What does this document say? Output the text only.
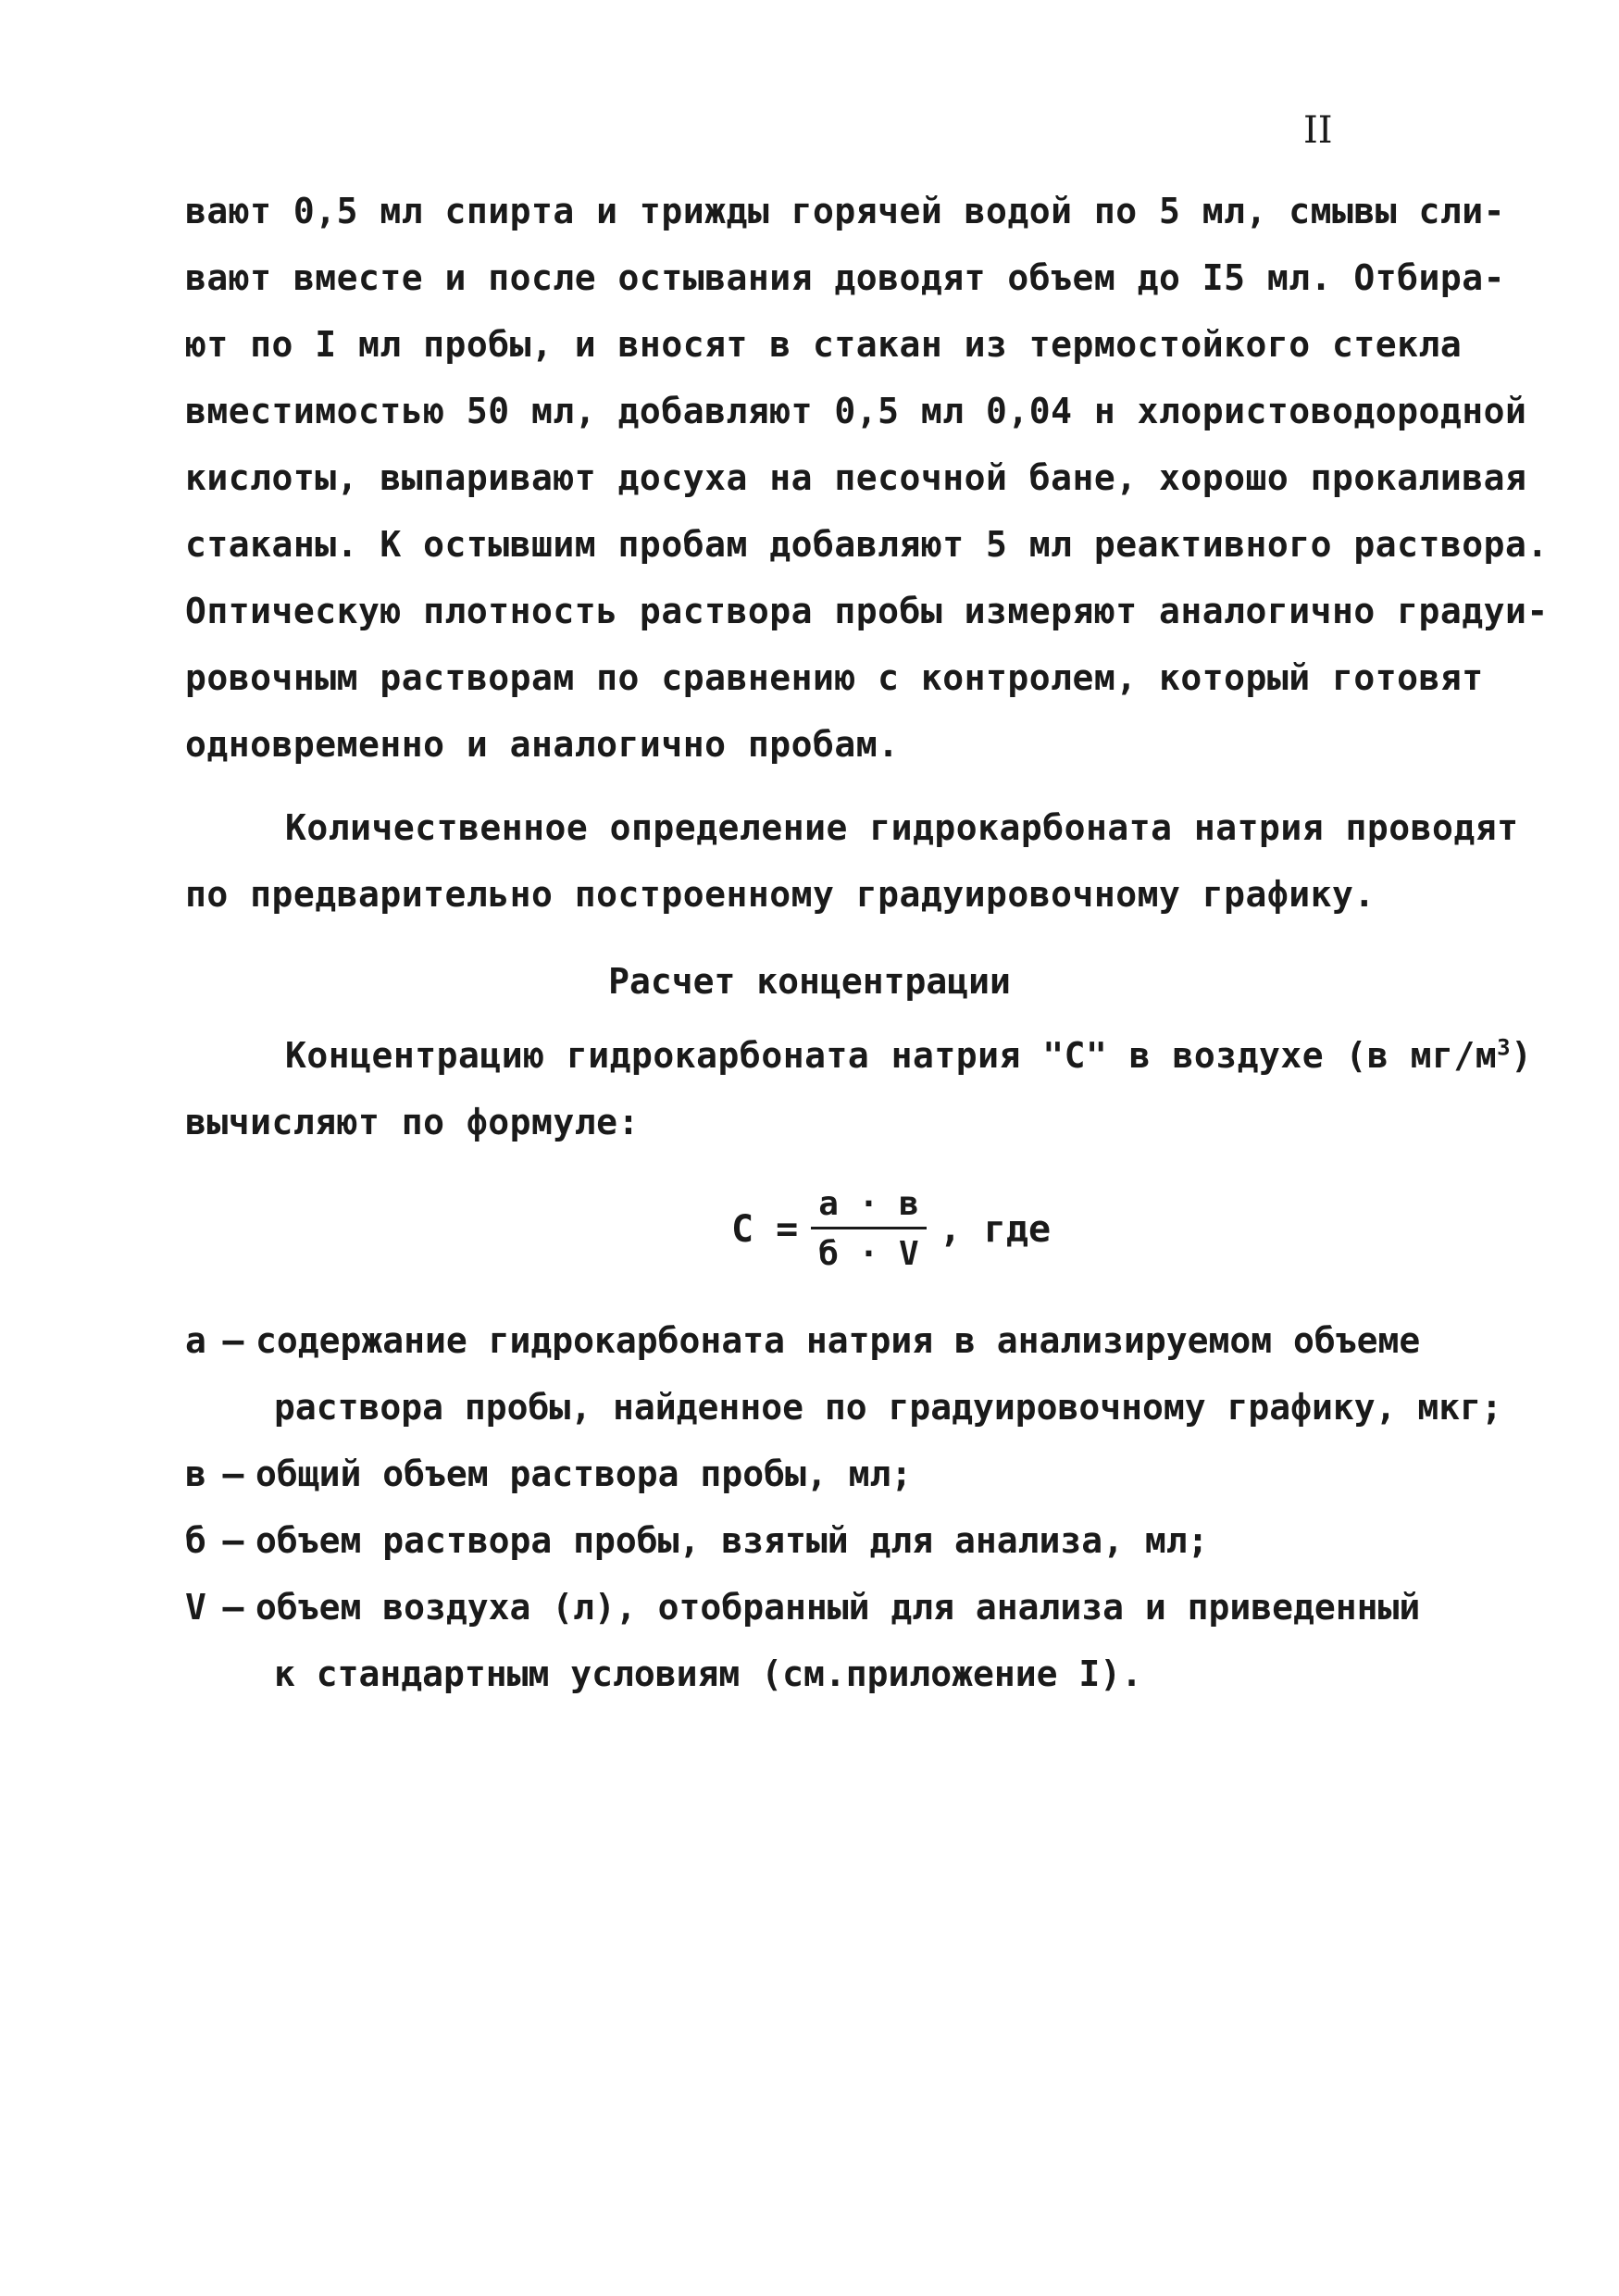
II
вают 0,5 мл спирта и трижды горячей водой по 5 мл, смывы сли-
вают вместе и после остывания доводят объем до I5 мл. Отбира-
ют по I мл пробы, и вносят в стакан из термостойкого стекла
вместимостью 50 мл, добавляют 0,5 мл 0,04 н хлористоводородной
кислоты, выпаривают досуха на песочной бане, хорошо прокаливая
стаканы. К остывшим пробам добавляют 5 мл реактивного раствора.
Оптическую плотность раствора пробы измеряют аналогично градуи-
ровочным растворам по сравнению с контролем, который готовят
одновременно и аналогично пробам.
Количественное определение гидрокарбоната натрия проводят
по предварительно построенному градуировочному графику.
Расчет концентрации
Концентрацию гидрокарбоната натрия "С" в воздухе (в $мг/м^3$)
вычисляют по формуле:
$С = \frac{а \cdot в}{б \cdot V}$ , где
а – содержание гидрокарбоната натрия в анализируемом объеме
раствора пробы, найденное по градуировочному графику, мкг;
в – общий объем раствора пробы, мл;
б – объем раствора пробы, взятый для анализа, мл;
V – объем воздуха (л), отобранный для анализа и приведенный
к стандартным условиям (см.приложение I).
